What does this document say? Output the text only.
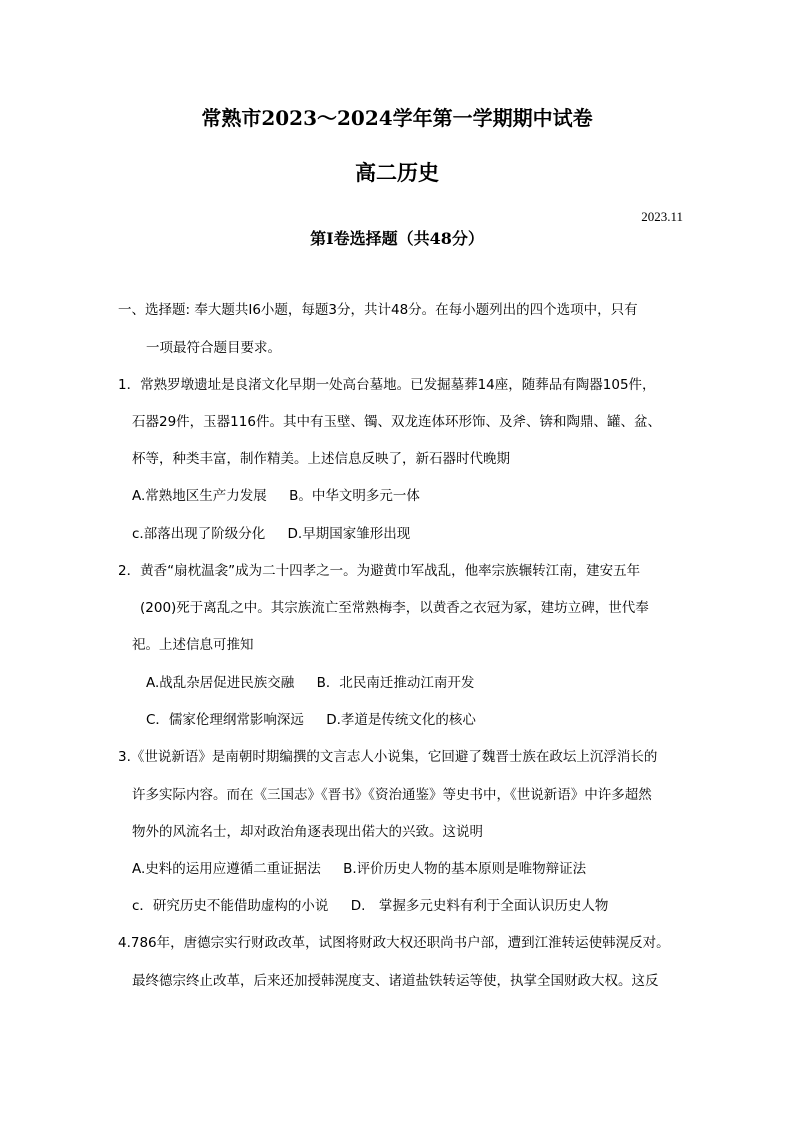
常熟市2023～2024学年第一学期期中试卷
高二历史
2023.11
第Ⅰ卷选择题（共48分）
一、选择题: 奉大题共I6小题，每题3分，共计48分。在每小题列出的四个选项中，只有
一项最符合题目要求。
1．常熟罗墩遗址是良渚文化早期一处高台墓地。已发掘墓葬14座，随葬品有陶器105件，
石器29件，玉器116件。其中有玉壁、镯、双龙连体环形饰、及斧、锛和陶鼎、罐、盆、
杯等，种类丰富，制作精美。上述信息反映了，新石器时代晚期
A.常熟地区生产力发展 B。中华文明多元一体
c.部落出现了阶级分化 D.早期国家雏形出现
2．黄香“扇枕温衾”成为二十四孝之一。为避黄巾军战乱，他率宗族辗转江南，建安五年
(200)死于离乱之中。其宗族流亡至常熟梅李，以黄香之衣冠为冢，建坊立碑，世代奉
祀。上述信息可推知
A.战乱杂居促进民族交融 B．北民南迁推动江南开发
C．儒家伦理纲常影响深远 D.孝道是传统文化的核心
3.《世说新语》是南朝时期编撰的文言志人小说集，它回避了魏晋士族在政坛上沉浮消长的
许多实际内容。而在《三国志》《晋书》《资治通鉴》等史书中，《世说新语》中许多超然
物外的风流名士，却对政治角逐表现出偌大的兴致。这说明
A.史料的运用应遵循二重证据法 B.评价历史人物的基本原则是唯物辩证法
c．研究历史不能借助虚构的小说 D.　掌握多元史料有利于全面认识历史人物
4.786年，唐德宗实行财政改革，试图将财政大权还职尚书户部，遭到江淮转运使韩滉反对。
最终德宗终止改革，后来还加授韩滉度支、诸道盐铁转运等使，执掌全国财政大权。这反
